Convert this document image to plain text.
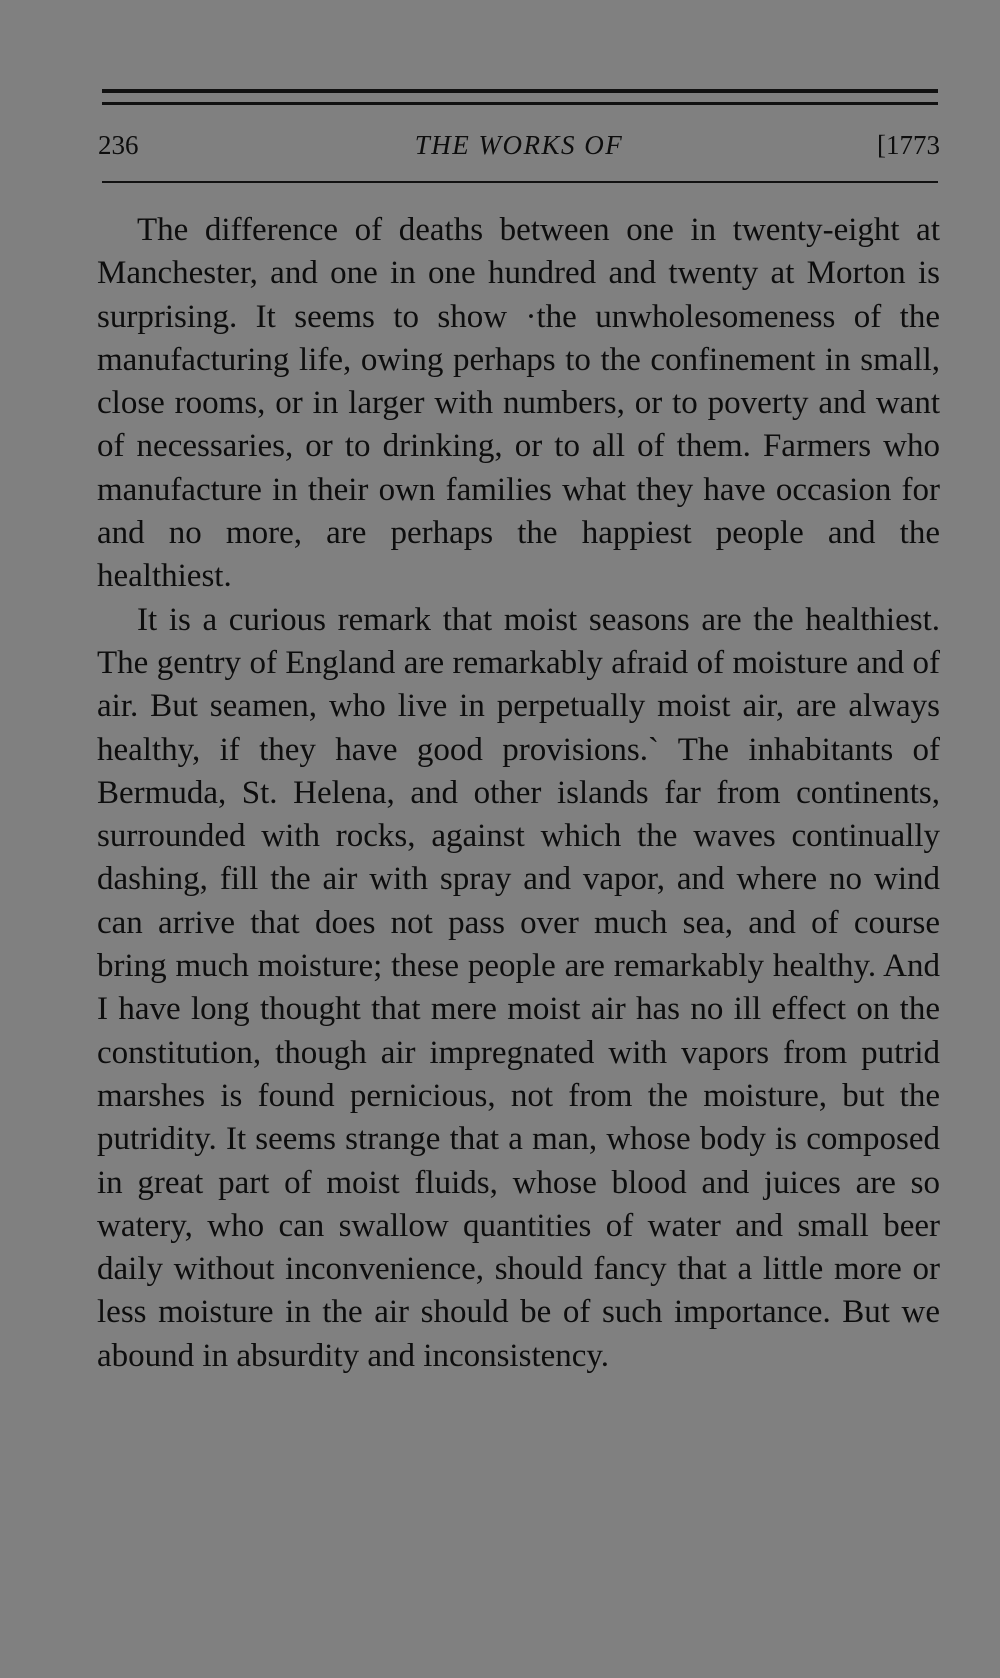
236	THE WORKS OF	[1773

The difference of deaths between one in twenty-eight at Manchester, and one in one hundred and twenty at Morton is surprising. It seems to show ·the unwholesomeness of the manufacturing life, owing perhaps to the confinement in small, close rooms, or in larger with numbers, or to poverty and want of necessaries, or to drinking, or to all of them. Farmers who manufacture in their own families what they have occasion for and no more, are perhaps the happiest people and the healthiest.

It is a curious remark that moist seasons are the healthiest. The gentry of England are remarkably afraid of moisture and of air. But seamen, who live in perpetually moist air, are always healthy, if they have good provisions.` The inhabitants of Bermuda, St. Helena, and other islands far from continents, surrounded with rocks, against which the waves continually dashing, fill the air with spray and vapor, and where no wind can arrive that does not pass over much sea, and of course bring much moisture; these people are remarkably healthy. And I have long thought that mere moist air has no ill effect on the constitution, though air impregnated with vapors from putrid marshes is found pernicious, not from the moisture, but the putridity. It seems strange that a man, whose body is composed in great part of moist fluids, whose blood and juices are so watery, who can swallow quantities of water and small beer daily without inconvenience, should fancy that a little more or less moisture in the air should be of such importance. But we abound in absurdity and inconsistency.
